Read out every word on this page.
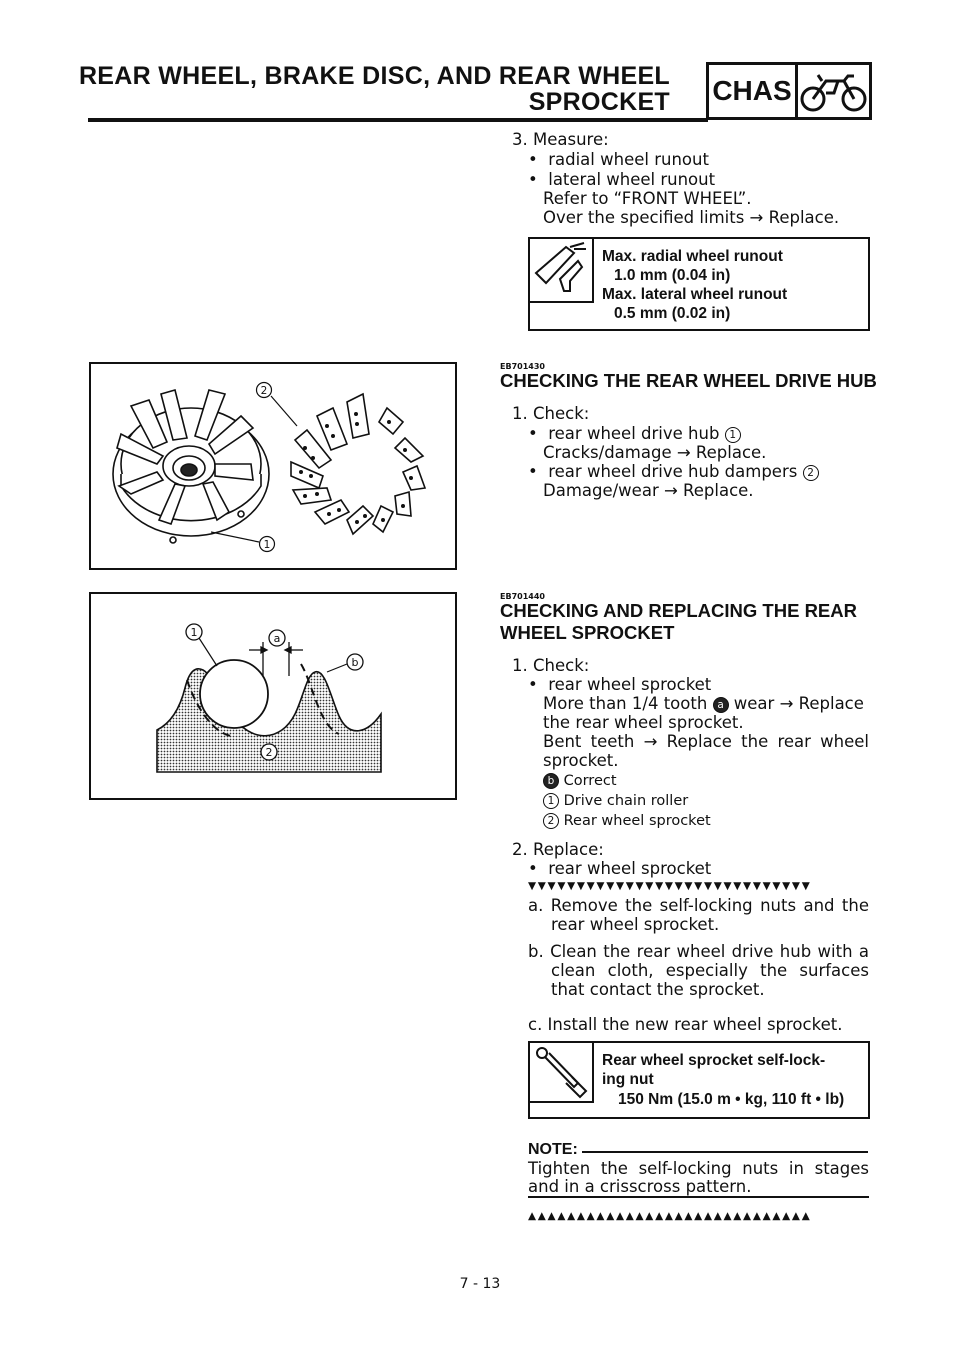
REAR WHEEL, BRAKE DISC, AND REAR WHEEL
SPROCKET CHAS
3. Measure:
•  radial wheel runout
•  lateral wheel runout
Refer to “FRONT WHEEL”.
Over the specified limits → Replace.
Max. radial wheel runout
1.0 mm (0.04 in)
Max. lateral wheel runout
0.5 mm (0.02 in)
2
1
EB701430
CHECKING THE REAR WHEEL DRIVE HUB
1. Check:
•  rear wheel drive hub 1
Cracks/damage → Replace.
•  rear wheel drive hub dampers 2
Damage/wear → Replace.
1	a
b
2
EB701440
CHECKING AND REPLACING THE REAR
WHEEL SPROCKET
1. Check:
•  rear wheel sprocket
More than 1/4 tooth a wear → Replace
the rear wheel sprocket.
Bent teeth → Replace the rear wheel
sprocket.
b Correct
1 Drive chain roller
2 Rear wheel sprocket
2. Replace:
•  rear wheel sprocket
▼▼▼▼▼▼▼▼▼▼▼▼▼▼▼▼▼▼▼▼▼▼▼▼▼▼▼▼▼
a. Remove the self-locking nuts and the
rear wheel sprocket.
b. Clean the rear wheel drive hub with a
clean cloth, especially the surfaces
that contact the sprocket.
c. Install the new rear wheel sprocket.
Rear wheel sprocket self-lock-
ing nut
150 Nm (15.0 m • kg, 110 ft • lb)
NOTE:
Tighten the self-locking nuts in stages
and in a crisscross pattern.
▲▲▲▲▲▲▲▲▲▲▲▲▲▲▲▲▲▲▲▲▲▲▲▲▲▲▲▲▲
7 - 13
